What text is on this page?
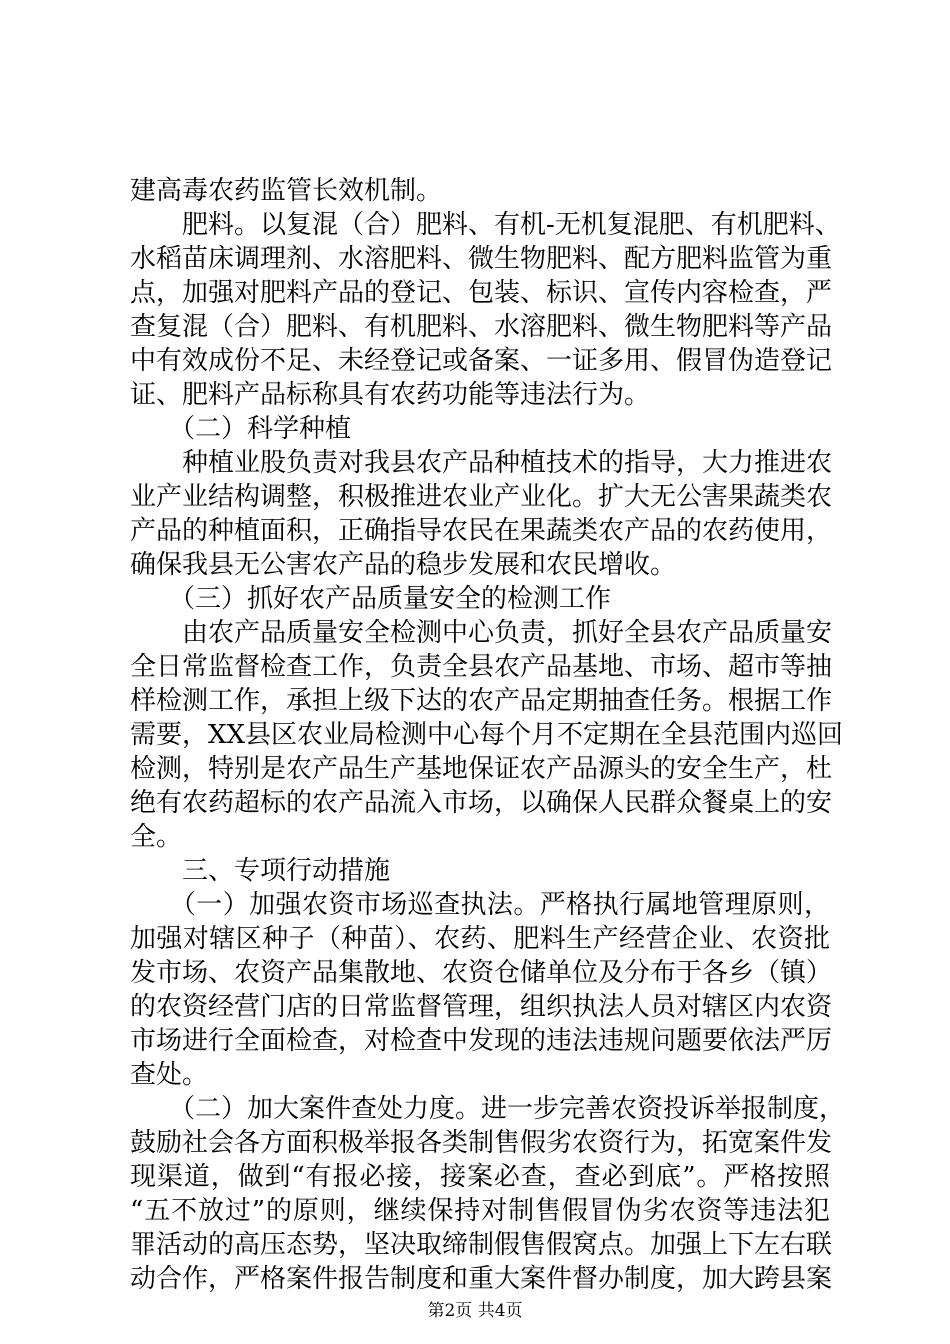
建高毒农药监管长效机制。
　　肥料。以复混（合）肥料、有机-无机复混肥、有机肥料、
水稻苗床调理剂、水溶肥料、微生物肥料、配方肥料监管为重
点，加强对肥料产品的登记、包装、标识、宣传内容检查，严
查复混（合）肥料、有机肥料、水溶肥料、微生物肥料等产品
中有效成份不足、未经登记或备案、一证多用、假冒伪造登记
证、肥料产品标称具有农药功能等违法行为。
　　（二）科学种植
　　种植业股负责对我县农产品种植技术的指导，大力推进农
业产业结构调整，积极推进农业产业化。扩大无公害果蔬类农
产品的种植面积，正确指导农民在果蔬类农产品的农药使用，
确保我县无公害农产品的稳步发展和农民增收。
　　（三）抓好农产品质量安全的检测工作
　　由农产品质量安全检测中心负责，抓好全县农产品质量安
全日常监督检查工作，负责全县农产品基地、市场、超市等抽
样检测工作，承担上级下达的农产品定期抽查任务。根据工作
需要，XX县区农业局检测中心每个月不定期在全县范围内巡回
检测，特别是农产品生产基地保证农产品源头的安全生产，杜
绝有农药超标的农产品流入市场，以确保人民群众餐桌上的安
全。
　　三、专项行动措施
　　（一）加强农资市场巡查执法。严格执行属地管理原则，
加强对辖区种子（种苗）、农药、肥料生产经营企业、农资批
发市场、农资产品集散地、农资仓储单位及分布于各乡（镇）
的农资经营门店的日常监督管理，组织执法人员对辖区内农资
市场进行全面检查，对检查中发现的违法违规问题要依法严厉
查处。
　　（二）加大案件查处力度。进一步完善农资投诉举报制度，
鼓励社会各方面积极举报各类制售假劣农资行为，拓宽案件发
现渠道，做到“有报必接，接案必查，查必到底”。严格按照
“五不放过”的原则，继续保持对制售假冒伪劣农资等违法犯
罪活动的高压态势，坚决取缔制假售假窝点。加强上下左右联
动合作，严格案件报告制度和重大案件督办制度，加大跨县案
第2页 共4页
